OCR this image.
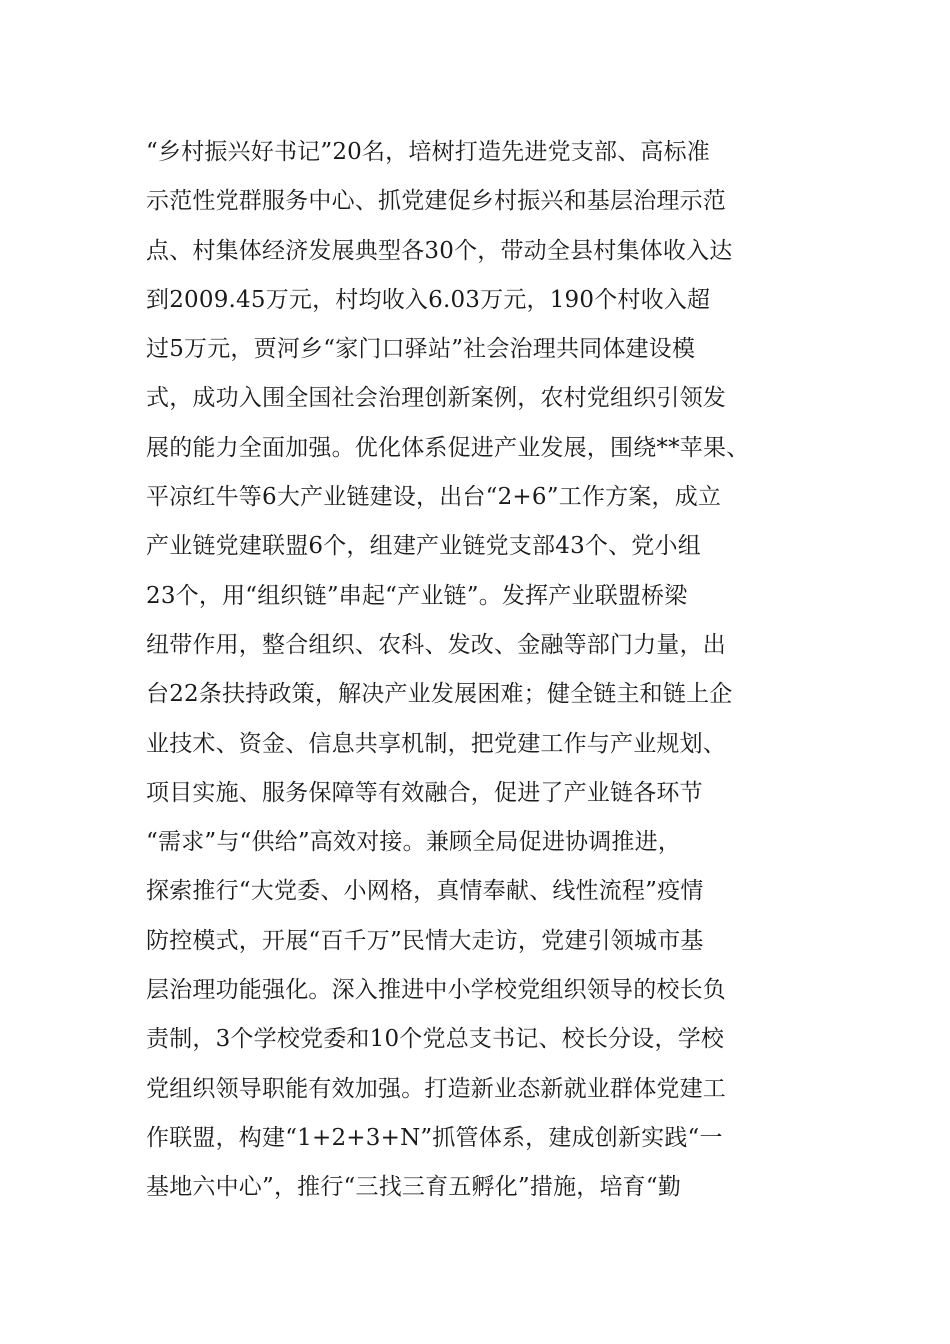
“乡村振兴好书记”20名，培树打造先进党支部、高标准
示范性党群服务中心、抓党建促乡村振兴和基层治理示范
点、村集体经济发展典型各30个，带动全县村集体收入达
到2009.45万元，村均收入6.03万元，190个村收入超
过5万元，贾河乡“家门口驿站”社会治理共同体建设模
式，成功入围全国社会治理创新案例，农村党组织引领发
展的能力全面加强。优化体系促进产业发展，围绕**苹果、
平凉红牛等6大产业链建设，出台“2+6”工作方案，成立
产业链党建联盟6个，组建产业链党支部43个、党小组
23个，用“组织链”串起“产业链”。发挥产业联盟桥梁
纽带作用，整合组织、农科、发改、金融等部门力量，出
台22条扶持政策，解决产业发展困难；健全链主和链上企
业技术、资金、信息共享机制，把党建工作与产业规划、
项目实施、服务保障等有效融合，促进了产业链各环节
“需求”与“供给”高效对接。兼顾全局促进协调推进，
探索推行“大党委、小网格，真情奉献、线性流程”疫情
防控模式，开展“百千万”民情大走访，党建引领城市基
层治理功能强化。深入推进中小学校党组织领导的校长负
责制，3个学校党委和10个党总支书记、校长分设，学校
党组织领导职能有效加强。打造新业态新就业群体党建工
作联盟，构建“1+2+3+N”抓管体系，建成创新实践“一
基地六中心”，推行“三找三育五孵化”措施，培育“勤
